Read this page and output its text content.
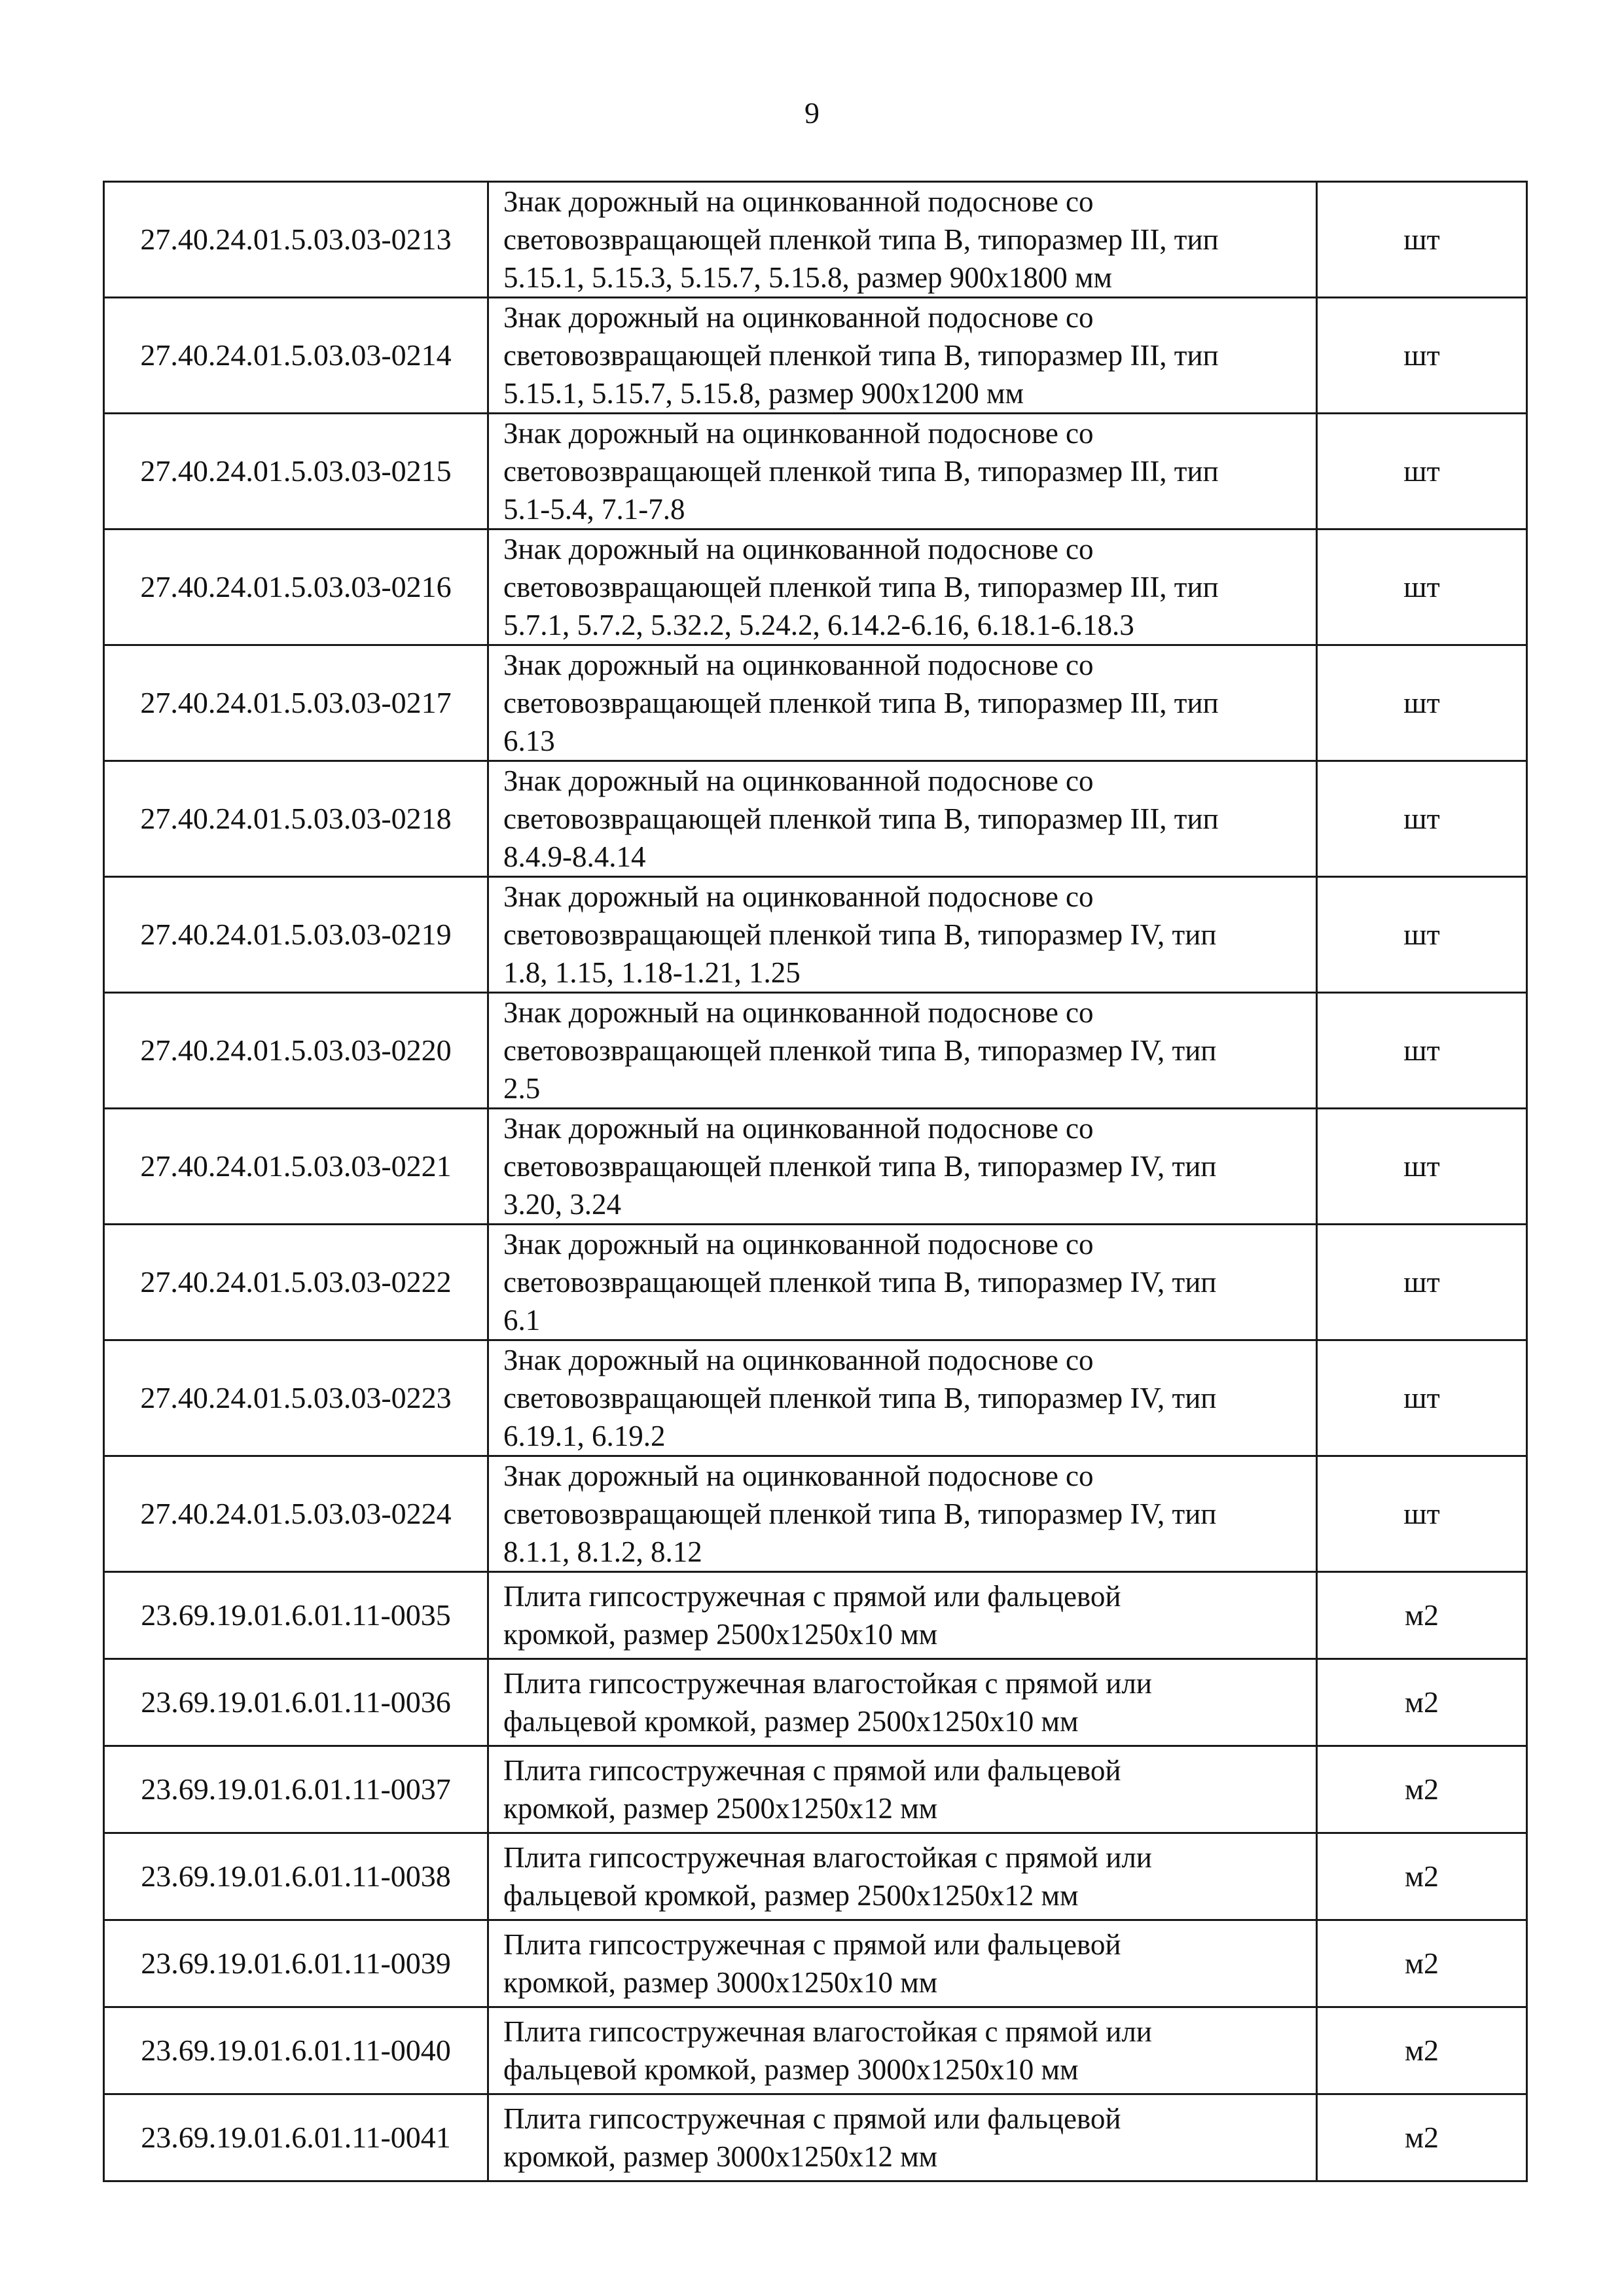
9
27.40.24.01.5.03.03-0213	Знак дорожный на оцинкованной подоснове со
световозвращающей пленкой типа В, типоразмер III, тип
5.15.1, 5.15.3, 5.15.7, 5.15.8, размер 900x1800 мм	шт
27.40.24.01.5.03.03-0214	Знак дорожный на оцинкованной подоснове со
световозвращающей пленкой типа В, типоразмер III, тип
5.15.1, 5.15.7, 5.15.8, размер 900x1200 мм	шт
27.40.24.01.5.03.03-0215	Знак дорожный на оцинкованной подоснове со
световозвращающей пленкой типа В, типоразмер III, тип
5.1-5.4, 7.1-7.8	шт
27.40.24.01.5.03.03-0216	Знак дорожный на оцинкованной подоснове со
световозвращающей пленкой типа В, типоразмер III, тип
5.7.1, 5.7.2, 5.32.2, 5.24.2, 6.14.2-6.16, 6.18.1-6.18.3	шт
27.40.24.01.5.03.03-0217	Знак дорожный на оцинкованной подоснове со
световозвращающей пленкой типа В, типоразмер III, тип
6.13	шт
27.40.24.01.5.03.03-0218	Знак дорожный на оцинкованной подоснове со
световозвращающей пленкой типа В, типоразмер III, тип
8.4.9-8.4.14	шт
27.40.24.01.5.03.03-0219	Знак дорожный на оцинкованной подоснове со
световозвращающей пленкой типа В, типоразмер IV, тип
1.8, 1.15, 1.18-1.21, 1.25	шт
27.40.24.01.5.03.03-0220	Знак дорожный на оцинкованной подоснове со
световозвращающей пленкой типа В, типоразмер IV, тип
2.5	шт
27.40.24.01.5.03.03-0221	Знак дорожный на оцинкованной подоснове со
световозвращающей пленкой типа В, типоразмер IV, тип
3.20, 3.24	шт
27.40.24.01.5.03.03-0222	Знак дорожный на оцинкованной подоснове со
световозвращающей пленкой типа В, типоразмер IV, тип
6.1	шт
27.40.24.01.5.03.03-0223	Знак дорожный на оцинкованной подоснове со
световозвращающей пленкой типа В, типоразмер IV, тип
6.19.1, 6.19.2	шт
27.40.24.01.5.03.03-0224	Знак дорожный на оцинкованной подоснове со
световозвращающей пленкой типа В, типоразмер IV, тип
8.1.1, 8.1.2, 8.12	шт
23.69.19.01.6.01.11-0035	Плита гипсостружечная с прямой или фальцевой
кромкой, размер 2500x1250x10 мм	м2
23.69.19.01.6.01.11-0036	Плита гипсостружечная влагостойкая с прямой или
фальцевой кромкой, размер 2500x1250x10 мм	м2
23.69.19.01.6.01.11-0037	Плита гипсостружечная с прямой или фальцевой
кромкой, размер 2500x1250x12 мм	м2
23.69.19.01.6.01.11-0038	Плита гипсостружечная влагостойкая с прямой или
фальцевой кромкой, размер 2500x1250x12 мм	м2
23.69.19.01.6.01.11-0039	Плита гипсостружечная с прямой или фальцевой
кромкой, размер 3000x1250x10 мм	м2
23.69.19.01.6.01.11-0040	Плита гипсостружечная влагостойкая с прямой или
фальцевой кромкой, размер 3000x1250x10 мм	м2
23.69.19.01.6.01.11-0041	Плита гипсостружечная с прямой или фальцевой
кромкой, размер 3000x1250x12 мм	м2
